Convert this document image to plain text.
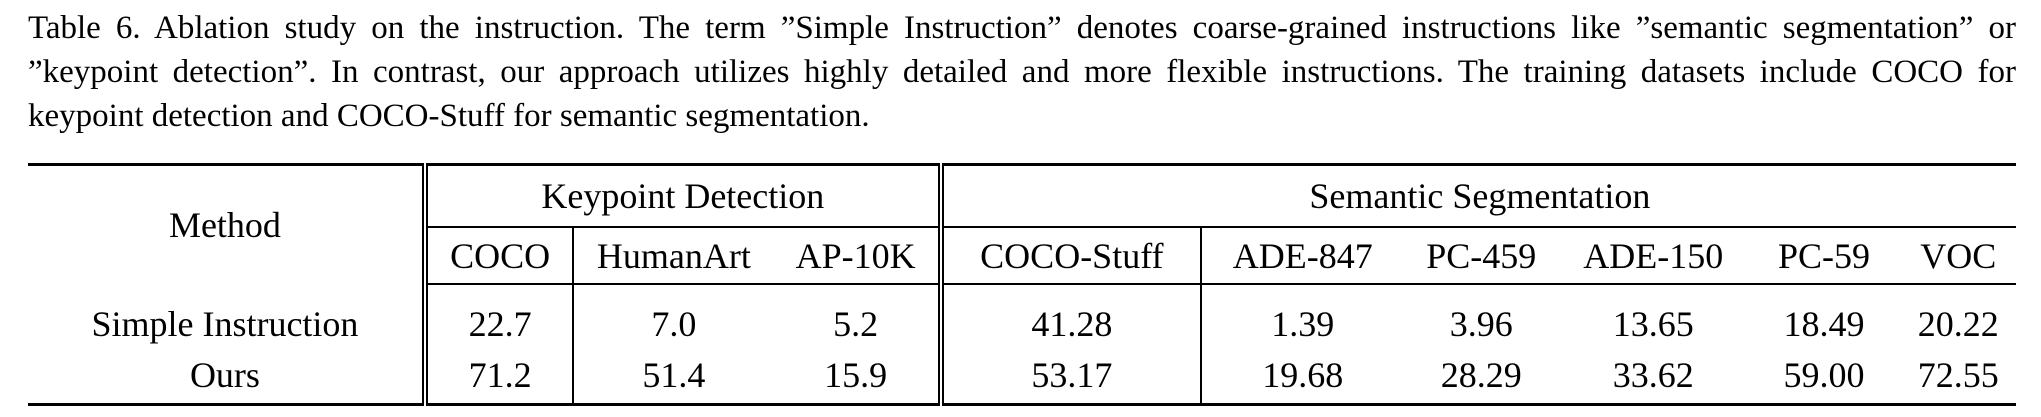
Table 6. Ablation study on the instruction. The term ”Simple Instruction” denotes coarse-grained instructions like ”semantic segmentation” or ”keypoint detection”. In contrast, our approach utilizes highly detailed and more flexible instructions. The training datasets include COCO for keypoint detection and COCO-Stuff for semantic segmentation.
Method	Keypoint Detection			Semantic Segmentation					
	COCO	HumanArt	AP-10K	COCO-Stuff	ADE-847	PC-459	ADE-150	PC-59	VOC
Simple Instruction	22.7	7.0	5.2	41.28	1.39	3.96	13.65	18.49	20.22
Ours	71.2	51.4	15.9	53.17	19.68	28.29	33.62	59.00	72.55
